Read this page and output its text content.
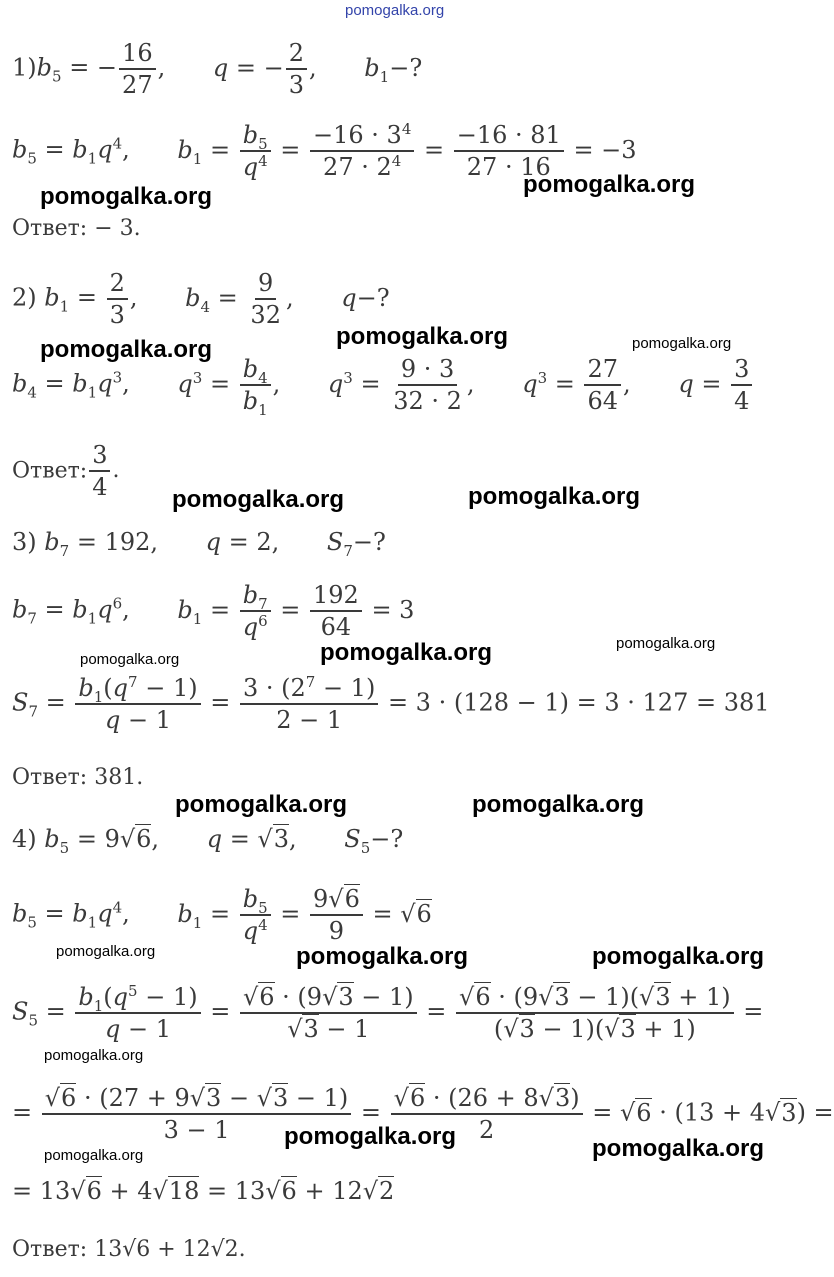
pomogalka.org
$1)b_5$ = − $\frac{16}{27}$ , q = − $\frac{2}{3}$ , $b_1-$?
$b_5 = b_1q^4$, $b_1 = \frac{b_5}{q^4} = \frac{-16 \cdot 3^4}{27 \cdot 2^4} = \frac{-16 \cdot 81}{27 \cdot 16} = -3$
pomogalka.org	pomogalka.org
Ответ: − 3.
2) $b_1 = \frac{2}{3}$ , $b_4 = \frac{9}{32}$ , q−?
pomogalka.org
pomogalka.org	pomogalka.org
$b_4 = b_1q^3$, $q^3 = \frac{b_4}{b_1}$ , $q^3 = \frac{9 \cdot 3}{32 \cdot 2}$ , $q^3 = \frac{27}{64}$ , $q = \frac{3}{4}$
Ответ: $\frac{3}{4}$ .
pomogalka.org	pomogalka.org
3) $b_7 = 192$, q = 2, $S_7-$?
$b_7 = b_1q^6$, $b_1 = \frac{b_7}{q^6} = \frac{192}{64} = 3$
pomogalka.org	pomogalka.org	pomogalka.org
$S_7 = \frac{b_1(q^7 - 1)}{q - 1} = \frac{3 \cdot (2^7 - 1)}{2 - 1} = 3 \cdot (128 - 1) = 3 \cdot 127 = 381$
Ответ: 381.
pomogalka.org	pomogalka.org
4) $b_5 = 9√6$, q = √3, $S_5-$?
$b_5 = b_1q^4$, $b_1 = \frac{b_5}{q^4} = \frac{9√6}{9} = √6$
pomogalka.org	pomogalka.org	pomogalka.org
$S_5 = \frac{b_1(q^5 - 1)}{q - 1} = \frac{√6 \cdot (9√3 - 1)}{√3 - 1} = \frac{√6 \cdot (9√3 - 1)(√3 + 1)}{(√3 - 1)(√3 + 1)}$ =
pomogalka.org
= $\frac{√6 \cdot (27 + 9√3 - √3 - 1)}{3 - 1} = \frac{√6 \cdot (26 + 8√3)}{2} = √6 \cdot (13 + 4√3)$ =
pomogalka.org
pomogalka.org	pomogalka.org
= 13√6 + 4√18 = 13√6 + 12√2
Ответ: 13√6 + 12√2.
